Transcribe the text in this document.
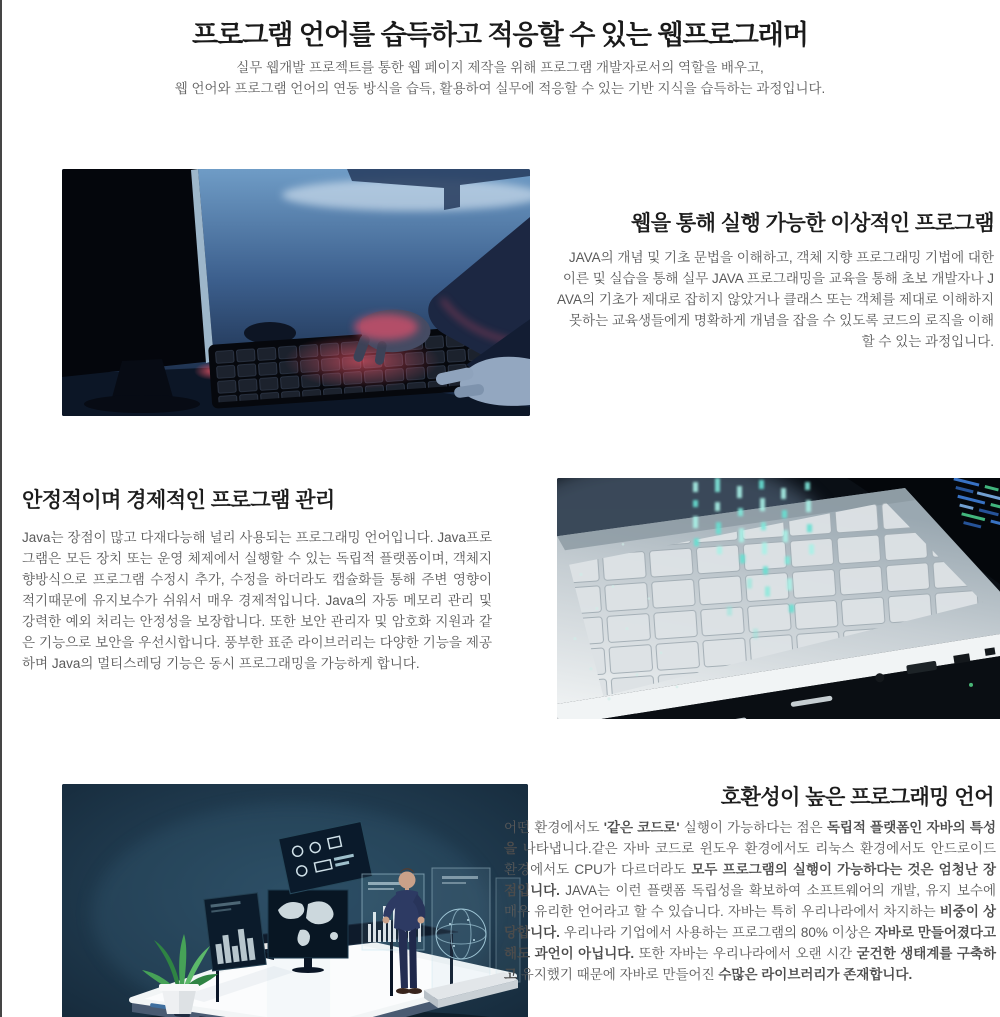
프로그램 언어를 습득하고 적응할 수 있는 웹프로그래머

실무 웹개발 프로젝트를 통한 웹 페이지 제작을 위해 프로그램 개발자로서의 역할을 배우고,
웹 언어와 프로그램 언어의 연동 방식을 습득, 활용하여 실무에 적응할 수 있는 기반 지식을 습득하는 과정입니다.

웹을 통해 실행 가능한 이상적인 프로그램

JAVA의 개념 및 기초 문법을 이해하고, 객체 지향 프로그래밍 기법에 대한 이른 및 실습을 통해 실무 JAVA 프로그래밍을 교육을 통해 초보 개발자나 JAVA의 기초가 제대로 잡히지 않았거나 클래스 또는 객체를 제대로 이해하지 못하는 교육생들에게 명확하게 개념을 잡을 수 있도록 코드의 로직을 이해할 수 있는 과정입니다.

안정적이며 경제적인 프로그램 관리

Java는 장점이 많고 다재다능해 널리 사용되는 프로그래밍 언어입니다. Java프로그램은 모든 장치 또는 운영 체제에서 실행할 수 있는 독립적 플랫폼이며, 객체지향방식으로 프로그램 수정시 추가, 수정을 하더라도 캡슐화들 통해 주변 영향이 적기때문에 유지보수가 쉬워서 매우 경제적입니다. Java의 자동 메모리 관리 및 강력한 예외 처리는 안정성을 보장합니다. 또한 보안 관리자 및 암호화 지원과 같은 기능으로 보안을 우선시합니다. 풍부한 표준 라이브러리는 다양한 기능을 제공하며 Java의 멀티스레딩 기능은 동시 프로그래밍을 가능하게 합니다.

호환성이 높은 프로그래밍 언어

어떤 환경에서도 '같은 코드로' 실행이 가능하다는 점은 독립적 플랫폼인 자바의 특성을 나타냅니다.같은 자바 코드로 윈도우 환경에서도 리눅스 환경에서도 안드로이드 환경에서도 CPU가 다르더라도 모두 프로그램의 실행이 가능하다는 것은 엄청난 장점입니다. JAVA는 이런 플랫폼 독립성을 확보하여 소프트웨어의 개발, 유지 보수에 매우 유리한 언어라고 할 수 있습니다. 자바는 특히 우리나라에서 차지하는 비중이 상당합니다. 우리나라 기업에서 사용하는 프로그램의 80% 이상은 자바로 만들어졌다고 해도 과언이 아닙니다. 또한 자바는 우리나라에서 오랜 시간 굳건한 생태계를 구축하고 유지했기 때문에 자바로 만들어진 수많은 라이브러리가 존재합니다.
